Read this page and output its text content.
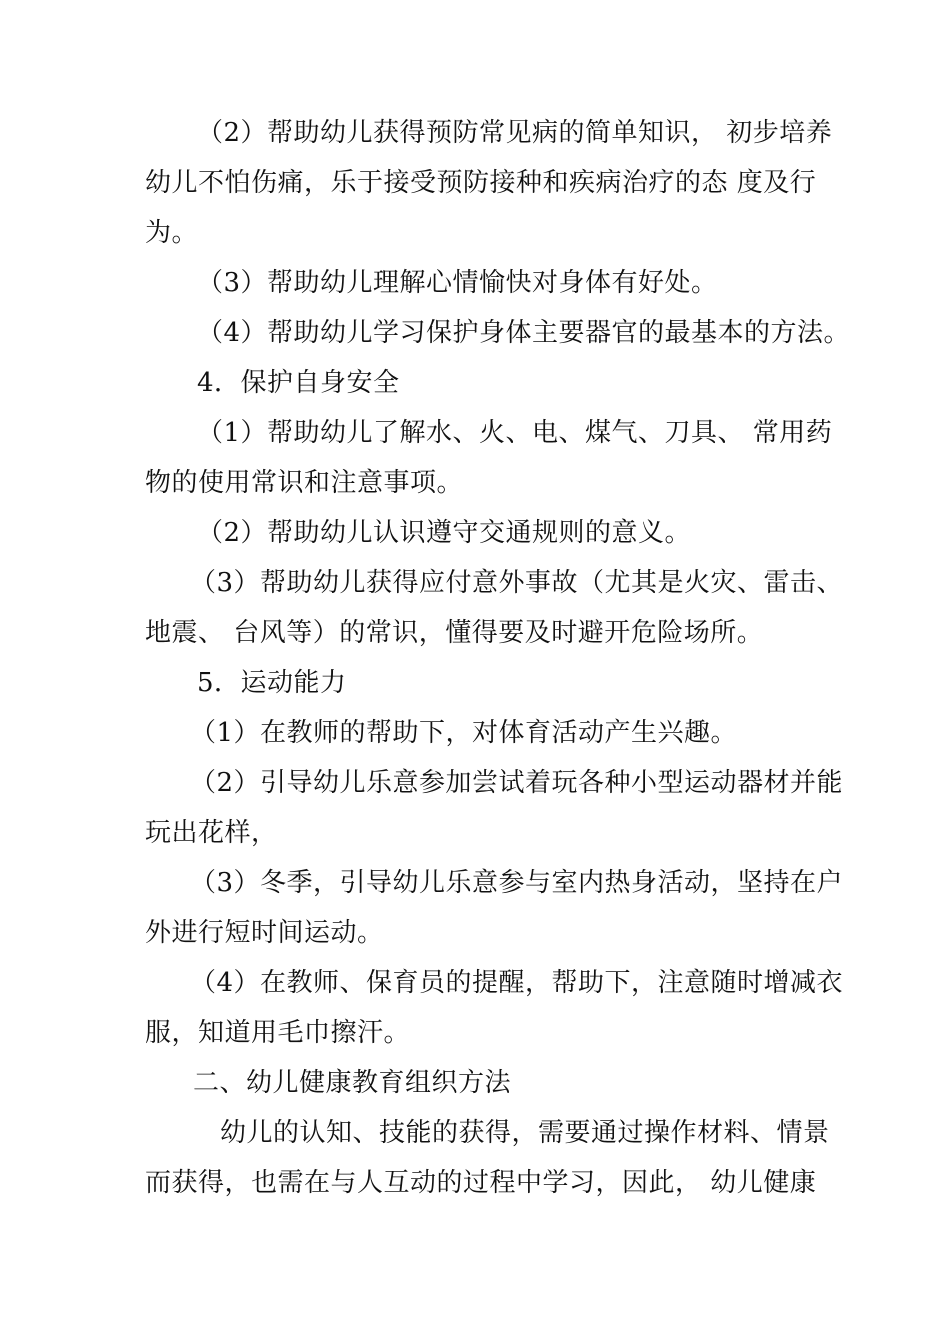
（2）帮助幼儿获得预防常见病的简单知识， 初步培养
幼儿不怕伤痛，乐于接受预防接种和疾病治疗的态 度及行
为。
（3）帮助幼儿理解心情愉快对身体有好处。
（4）帮助幼儿学习保护身体主要器官的最基本的方法。
4．保护自身安全
（1）帮助幼儿了解水、火、电、煤气、刀具、 常用药
物的使用常识和注意事项。
（2）帮助幼儿认识遵守交通规则的意义。
（3）帮助幼儿获得应付意外事故（尤其是火灾、雷击、
地震、 台风等）的常识，懂得要及时避开危险场所。
5．运动能力
（1）在教师的帮助下，对体育活动产生兴趣。
（2）引导幼儿乐意参加尝试着玩各种小型运动器材并能
玩出花样，
（3）冬季，引导幼儿乐意参与室内热身活动，坚持在户
外进行短时间运动。
（4）在教师、保育员的提醒，帮助下，注意随时增减衣
服，知道用毛巾擦汗。
二、幼儿健康教育组织方法
幼儿的认知、技能的获得，需要通过操作材料、情景
而获得，也需在与人互动的过程中学习，因此， 幼儿健康
